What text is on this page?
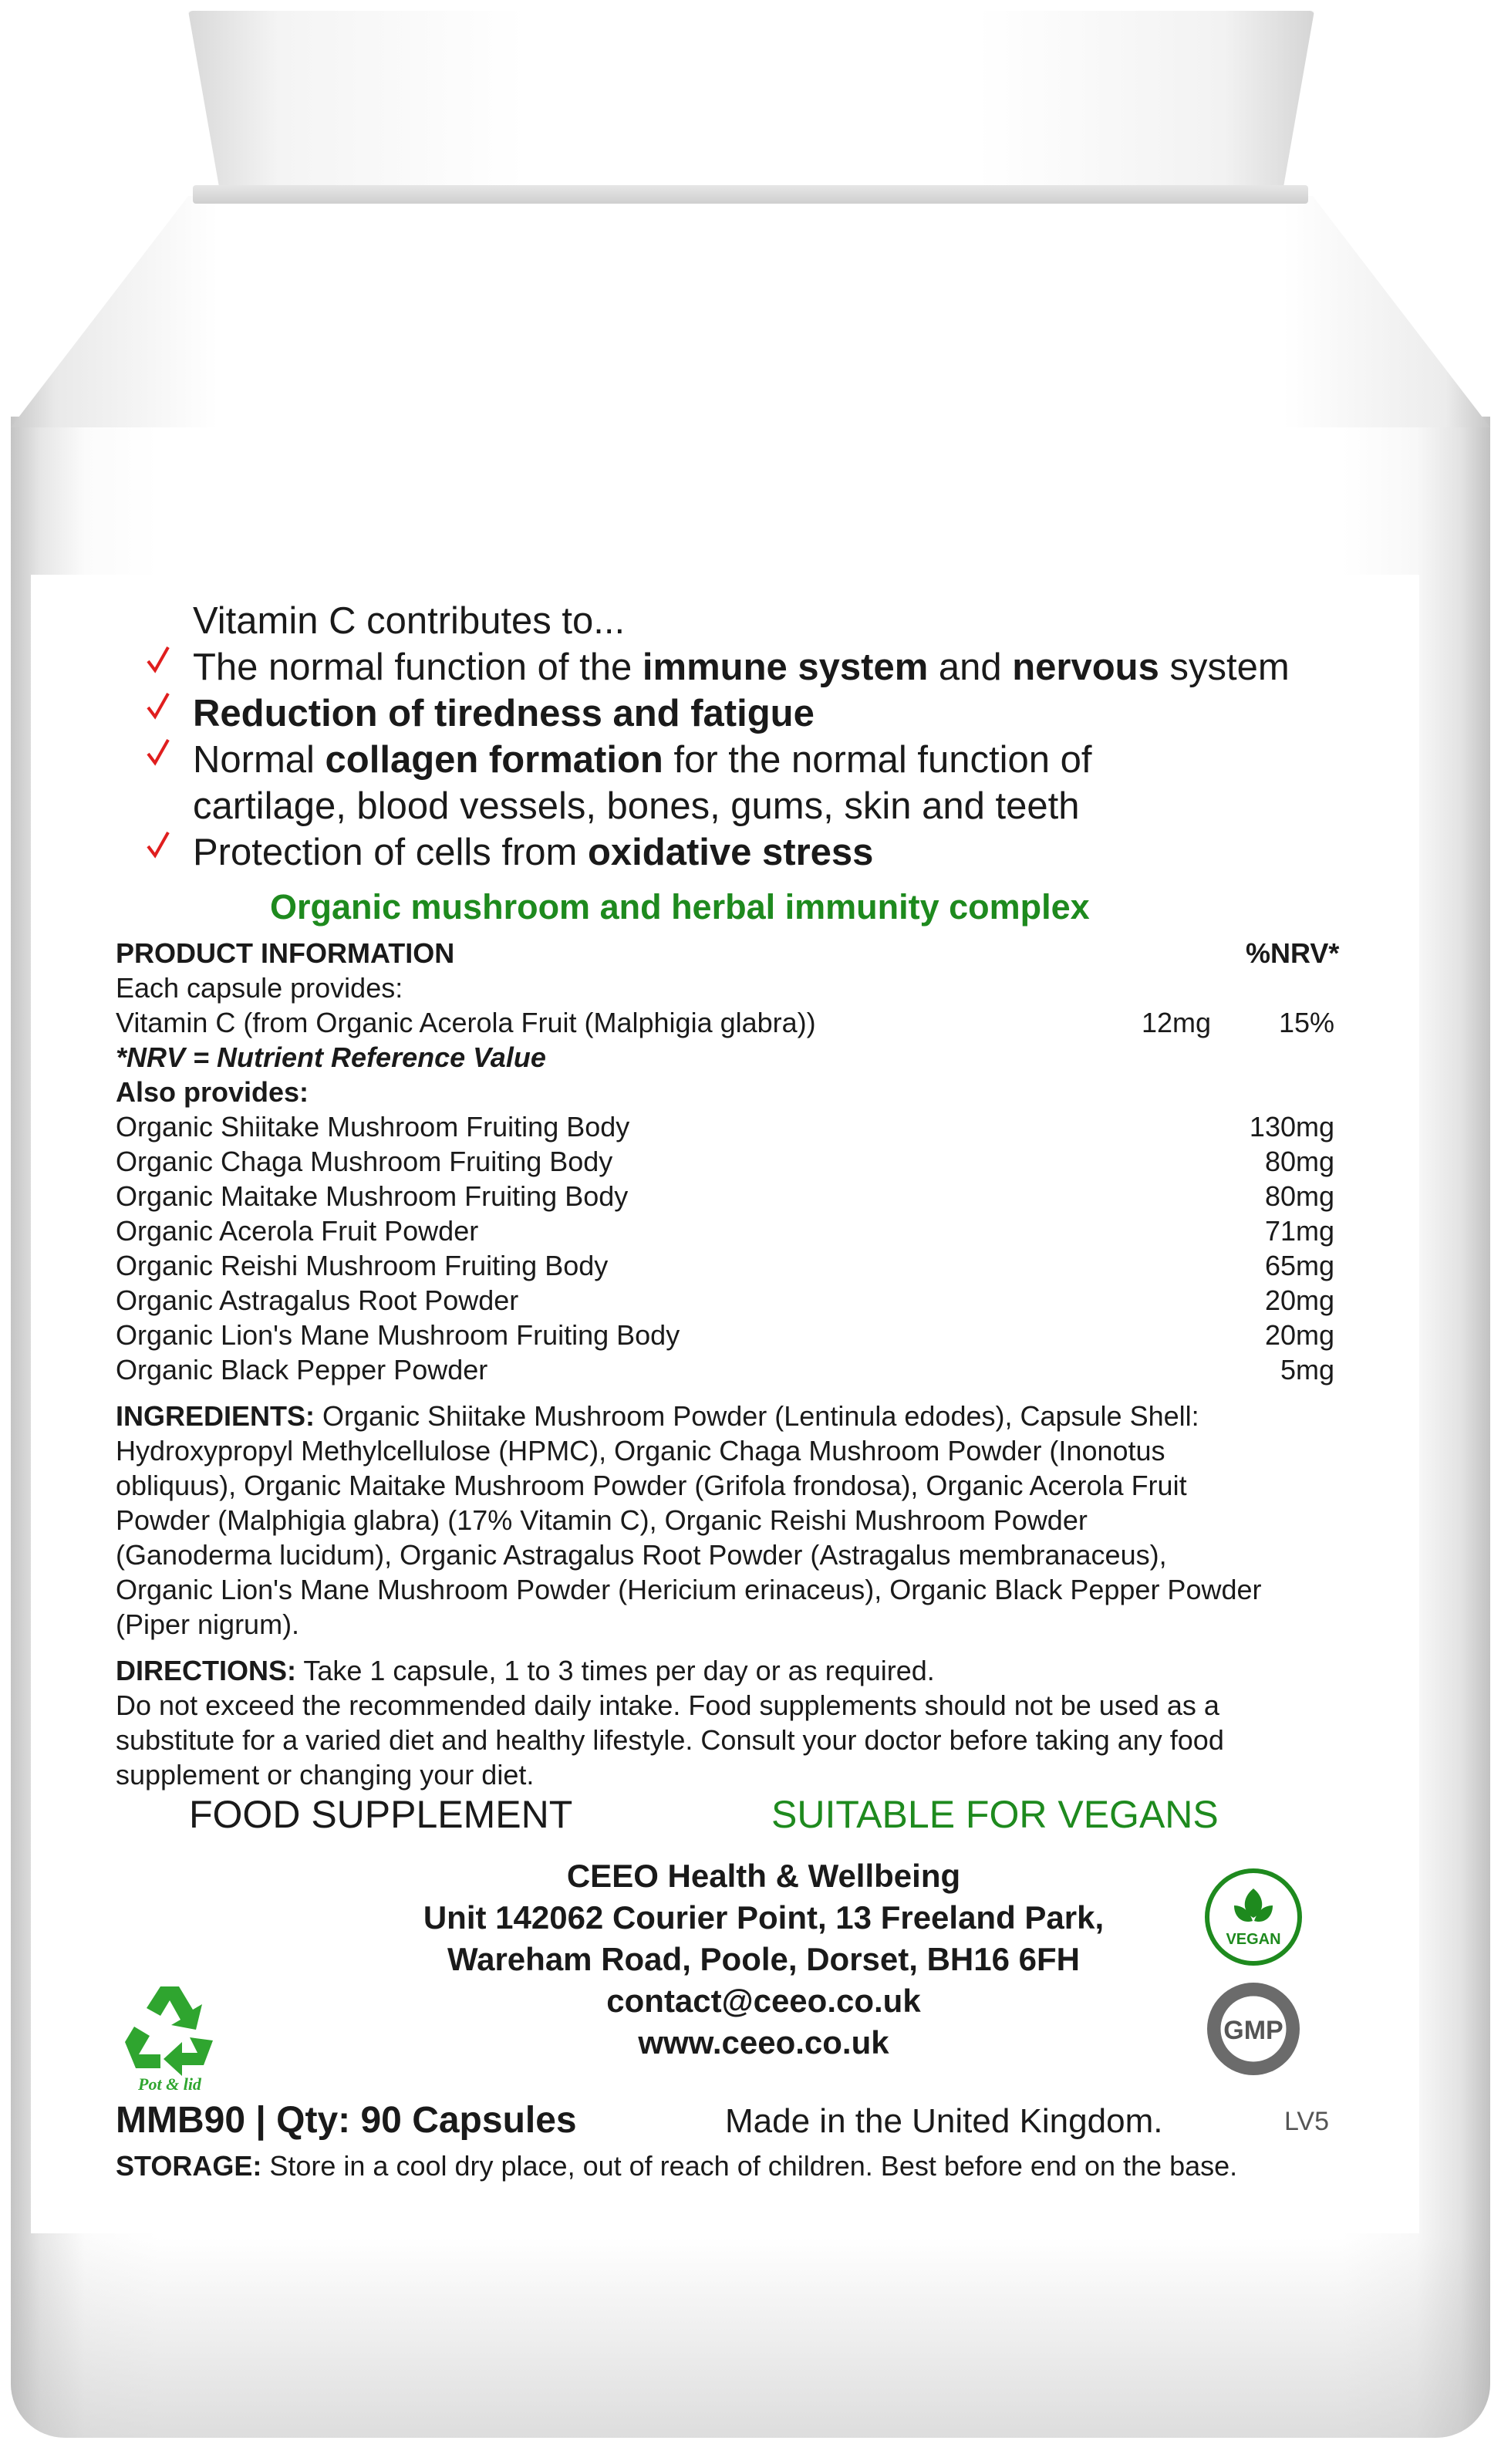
Vitamin C contributes to...
The normal function of the immune system and nervous system
Reduction of tiredness and fatigue
Normal collagen formation for the normal function of
cartilage, blood vessels, bones, gums, skin and teeth
Protection of cells from oxidative stress
Organic mushroom and herbal immunity complex
PRODUCT INFORMATION	%NRV*
Each capsule provides:
Vitamin C (from Organic Acerola Fruit (Malphigia glabra))	12mg	15%
*NRV = Nutrient Reference Value
Also provides:
Organic Shiitake Mushroom Fruiting Body	130mg
Organic Chaga Mushroom Fruiting Body	80mg
Organic Maitake Mushroom Fruiting Body	80mg
Organic Acerola Fruit Powder	71mg
Organic Reishi Mushroom Fruiting Body	65mg
Organic Astragalus Root Powder	20mg
Organic Lion's Mane Mushroom Fruiting Body	20mg
Organic Black Pepper Powder	5mg
INGREDIENTS: Organic Shiitake Mushroom Powder (Lentinula edodes), Capsule Shell:
Hydroxypropyl Methylcellulose (HPMC), Organic Chaga Mushroom Powder (Inonotus
obliquus), Organic Maitake Mushroom Powder (Grifola frondosa), Organic Acerola Fruit
Powder (Malphigia glabra) (17% Vitamin C), Organic Reishi Mushroom Powder
(Ganoderma lucidum), Organic Astragalus Root Powder (Astragalus membranaceus),
Organic Lion's Mane Mushroom Powder (Hericium erinaceus), Organic Black Pepper Powder
(Piper nigrum).
DIRECTIONS: Take 1 capsule, 1 to 3 times per day or as required.
Do not exceed the recommended daily intake. Food supplements should not be used as a
substitute for a varied diet and healthy lifestyle. Consult your doctor before taking any food
supplement or changing your diet.
FOOD SUPPLEMENT	SUITABLE FOR VEGANS
CEEO Health & Wellbeing
Unit 142062 Courier Point, 13 Freeland Park,
Wareham Road, Poole, Dorset, BH16 6FH
contact@ceeo.co.uk
www.ceeo.co.uk
MMB90 | Qty: 90 Capsules	Made in the United Kingdom.	LV5
STORAGE: Store in a cool dry place, out of reach of children. Best before end on the base.
VEGAN
GMP
Pot & lid
